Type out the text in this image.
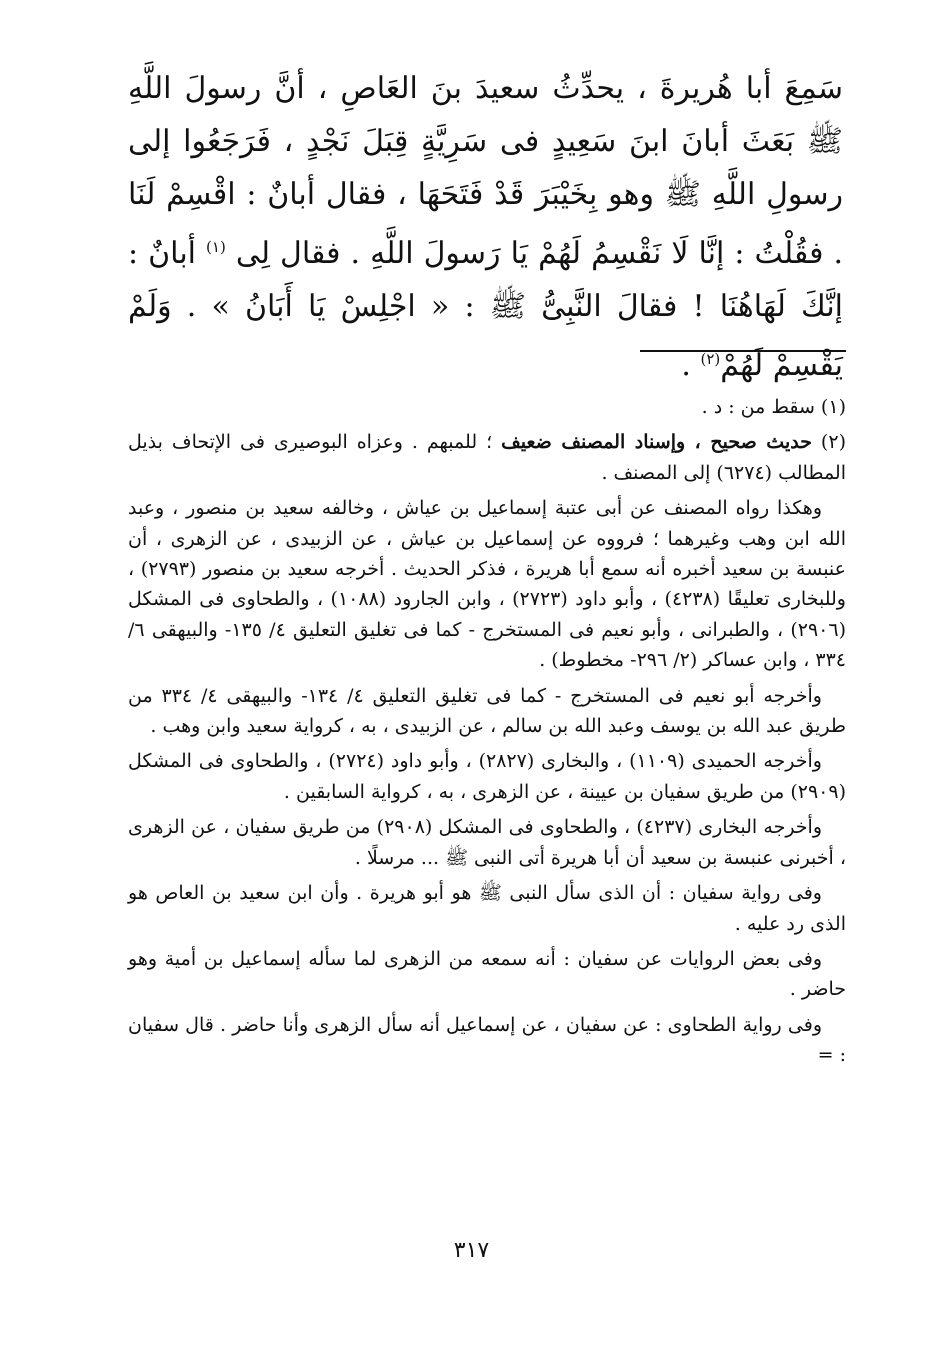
سَمِعَ أبا هُريرةَ ، يحدِّثُ سعيدَ بنَ العَاصِ ، أنَّ رسولَ اللَّهِ ﷺ بَعَثَ أبانَ ابنَ سَعِيدٍ فى سَرِيَّةٍ قِبَلَ نَجْدٍ ، فَرَجَعُوا إلى رسولِ اللَّهِ ﷺ وهو بِخَيْبَرَ قَدْ فَتَحَهَا ، فقال أبانٌ : اقْسِمْ لَنَا . فقُلْتُ : إنَّا لَا نَقْسِمُ لَهُمْ يَا رَسولَ اللَّهِ . فقال لِى $^{(١)}$ أبانٌ : إنَّكَ لَهَاهُنَا ! فقالَ النَّبِىُّ ﷺ : « اجْلِسْ يَا أَبَانُ » . وَلَمْ يَقْسِمْ لَهُمْ$^{(٢)}$ .

(١) سقط من : د .

(٢) حديث صحيح ، وإسناد المصنف ضعيف ؛ للمبهم . وعزاه البوصيرى فى الإتحاف بذيل المطالب (٦٢٧٤) إلى المصنف .

وهكذا رواه المصنف عن أبى عتبة إسماعيل بن عياش ، وخالفه سعيد بن منصور ، وعبد الله ابن وهب وغيرهما ؛ فرووه عن إسماعيل بن عياش ، عن الزبيدى ، عن الزهرى ، أن عنبسة بن سعيد أخبره أنه سمع أبا هريرة ، فذكر الحديث . أخرجه سعيد بن منصور (٢٧٩٣) ، وللبخارى تعليقًا (٤٢٣٨) ، وأبو داود (٢٧٢٣) ، وابن الجارود (١٠٨٨) ، والطحاوى فى المشكل (٢٩٠٦) ، والطبرانى ، وأبو نعيم فى المستخرج - كما فى تغليق التعليق ٤/ ١٣٥- والبيهقى ٦/ ٣٣٤ ، وابن عساكر (٢/ ٢٩٦- مخطوط) .

وأخرجه أبو نعيم فى المستخرج - كما فى تغليق التعليق ٤/ ١٣٤- والبيهقى ٤/ ٣٣٤ من طريق عبد الله بن يوسف وعبد الله بن سالم ، عن الزبيدى ، به ، كرواية سعيد وابن وهب .

وأخرجه الحميدى (١١٠٩) ، والبخارى (٢٨٢٧) ، وأبو داود (٢٧٢٤) ، والطحاوى فى المشكل (٢٩٠٩) من طريق سفيان بن عيينة ، عن الزهرى ، به ، كرواية السابقين .

وأخرجه البخارى (٤٢٣٧) ، والطحاوى فى المشكل (٢٩٠٨) من طريق سفيان ، عن الزهرى ، أخبرنى عنبسة بن سعيد أن أبا هريرة أتى النبى ﷺ ... مرسلًا .

وفى رواية سفيان : أن الذى سأل النبى ﷺ هو أبو هريرة . وأن ابن سعيد بن العاص هو الذى رد عليه .

وفى بعض الروايات عن سفيان : أنه سمعه من الزهرى لما سأله إسماعيل بن أمية وهو حاضر .

وفى رواية الطحاوى : عن سفيان ، عن إسماعيل أنه سأل الزهرى وأنا حاضر . قال سفيان : =

٣١٧
